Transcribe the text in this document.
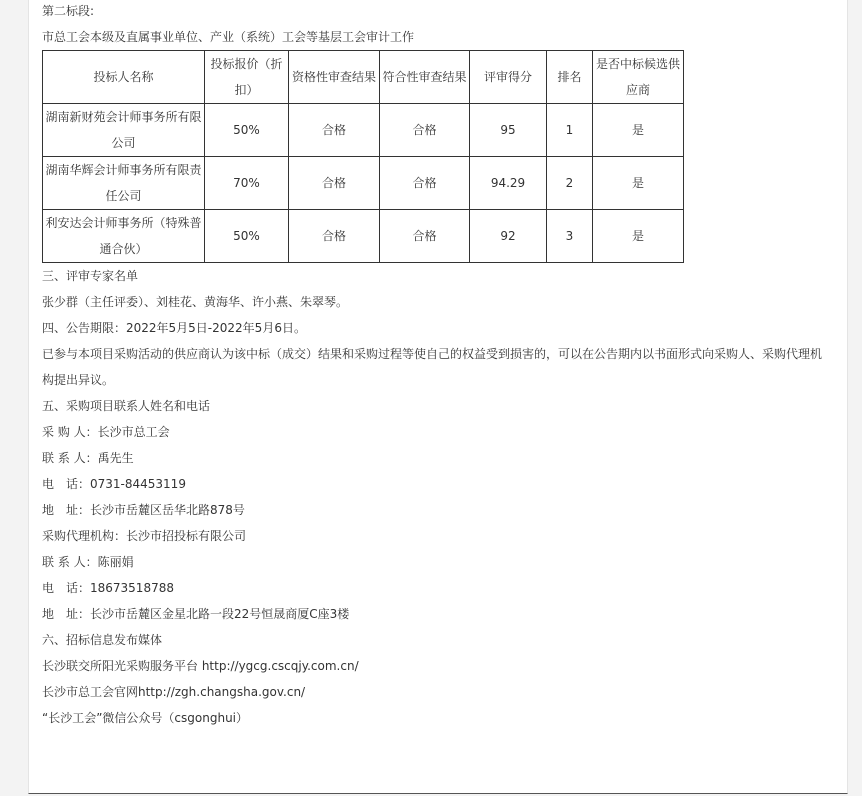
第二标段:
市总工会本级及直属事业单位、产业（系统）工会等基层工会审计工作
投标人名称	投标报价（折扣）	资格性审查结果	符合性审查结果	评审得分	排名	是否中标候选供应商
湖南新财苑会计师事务所有限公司	50%	合格	合格	95	1	是
湖南华辉会计师事务所有限责任公司	70%	合格	合格	94.29	2	是
利安达会计师事务所（特殊普通合伙）	50%	合格	合格	92	3	是
三、评审专家名单
张少群（主任评委）、刘桂花、黄海华、许小燕、朱翠琴。
四、公告期限：2022年5月5日-2022年5月6日。
已参与本项目采购活动的供应商认为该中标（成交）结果和采购过程等使自己的权益受到损害的，可以在公告期内以书面形式向采购人、采购代理机构提出异议。
五、采购项目联系人姓名和电话
采 购 人：长沙市总工会
联 系 人：禹先生
电　话：0731-84453119
地　址：长沙市岳麓区岳华北路878号
采购代理机构：长沙市招投标有限公司
联 系 人：陈丽娟
电　话：18673518788
地　址：长沙市岳麓区金星北路一段22号恒晟商厦C座3楼
六、招标信息发布媒体
长沙联交所阳光采购服务平台 http://ygcg.cscqjy.com.cn/
长沙市总工会官网http://zgh.changsha.gov.cn/
“长沙工会”微信公众号（csgonghui）
